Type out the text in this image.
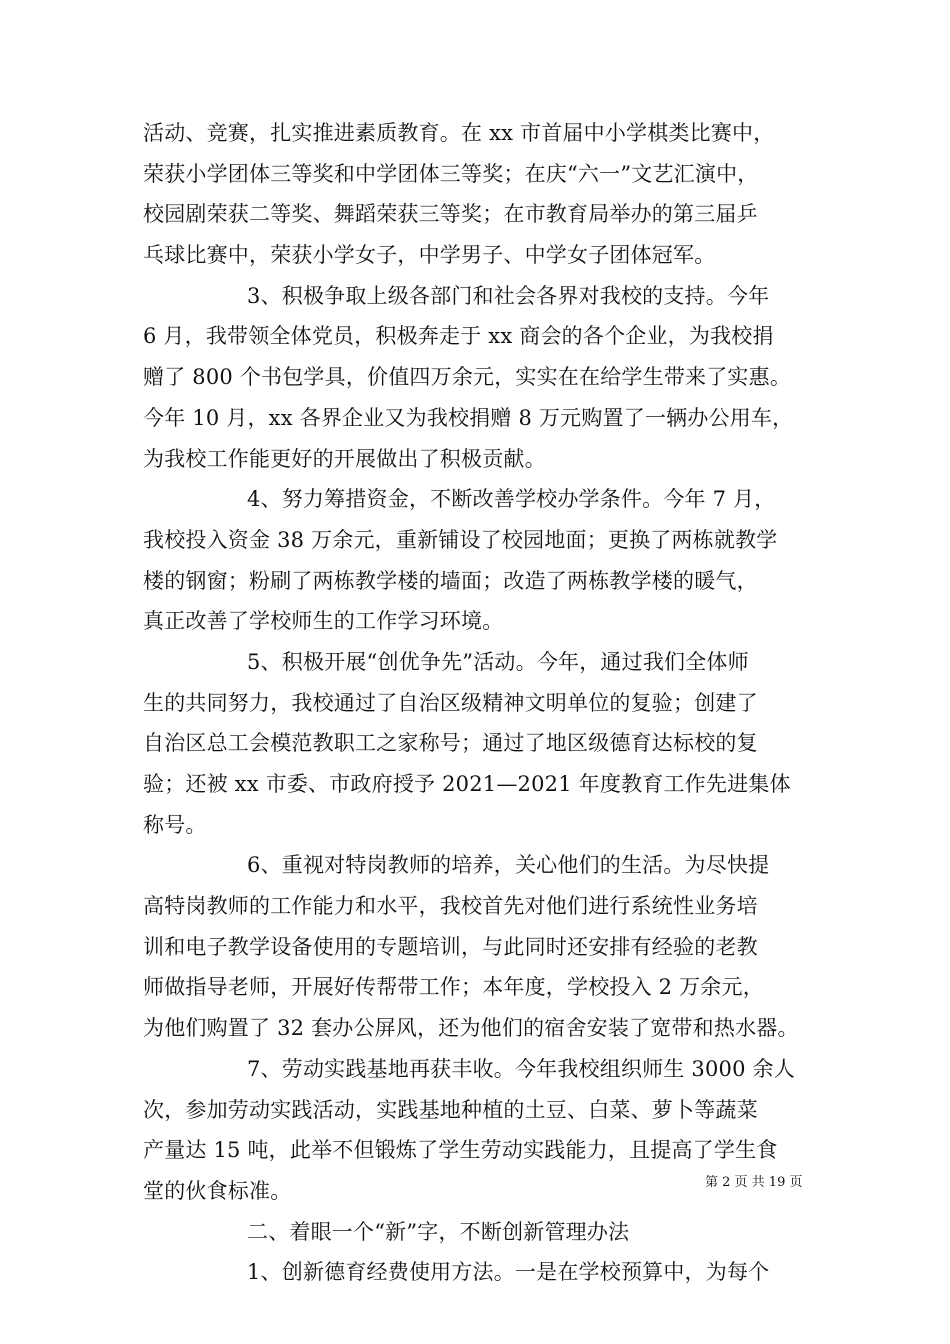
活动、竞赛，扎实推进素质教育。在 xx 市首届中小学棋类比赛中，
荣获小学团体三等奖和中学团体三等奖；在庆“六一”文艺汇演中，
校园剧荣获二等奖、舞蹈荣获三等奖；在市教育局举办的第三届乒
乓球比赛中，荣获小学女子，中学男子、中学女子团体冠军。
3、积极争取上级各部门和社会各界对我校的支持。今年
6 月，我带领全体党员，积极奔走于 xx 商会的各个企业，为我校捐
赠了 800 个书包学具，价值四万余元，实实在在给学生带来了实惠。
今年 10 月，xx 各界企业又为我校捐赠 8 万元购置了一辆办公用车，
为我校工作能更好的开展做出了积极贡献。
4、努力筹措资金，不断改善学校办学条件。今年 7 月，
我校投入资金 38 万余元，重新铺设了校园地面；更换了两栋就教学
楼的钢窗；粉刷了两栋教学楼的墙面；改造了两栋教学楼的暖气，
真正改善了学校师生的工作学习环境。
5、积极开展“创优争先”活动。今年，通过我们全体师
生的共同努力，我校通过了自治区级精神文明单位的复验；创建了
自治区总工会模范教职工之家称号；通过了地区级德育达标校的复
验；还被 xx 市委、市政府授予 2021—2021 年度教育工作先进集体
称号。
6、重视对特岗教师的培养，关心他们的生活。为尽快提
高特岗教师的工作能力和水平，我校首先对他们进行系统性业务培
训和电子教学设备使用的专题培训，与此同时还安排有经验的老教
师做指导老师，开展好传帮带工作；本年度，学校投入 2 万余元，
为他们购置了 32 套办公屏风，还为他们的宿舍安装了宽带和热水器。
7、劳动实践基地再获丰收。今年我校组织师生 3000 余人
次，参加劳动实践活动，实践基地种植的土豆、白菜、萝卜等蔬菜
产量达 15 吨，此举不但锻炼了学生劳动实践能力，且提高了学生食
堂的伙食标准。
二、着眼一个“新”字，不断创新管理办法
1、创新德育经费使用方法。一是在学校预算中，为每个
第 2 页 共 19 页
